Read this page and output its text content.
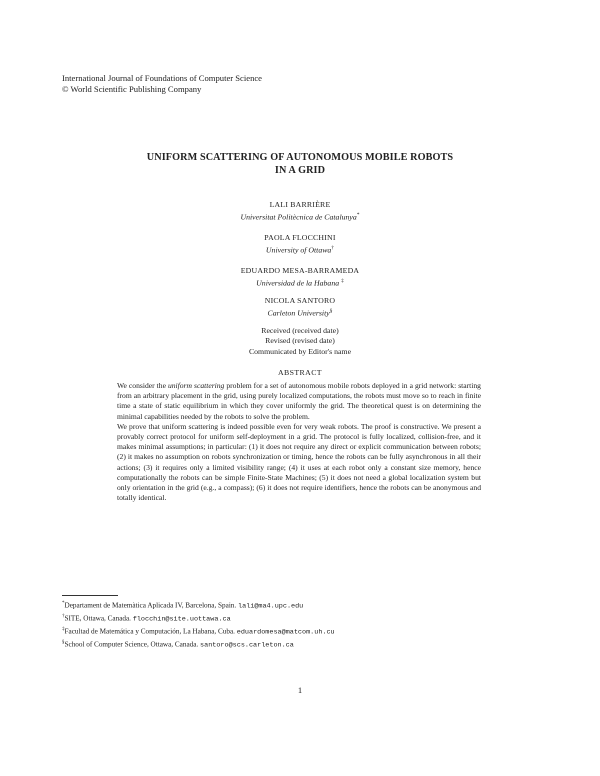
International Journal of Foundations of Computer Science
© World Scientific Publishing Company
UNIFORM SCATTERING OF AUTONOMOUS MOBILE ROBOTS
IN A GRID
LALI BARRIÈRE
Universitat Politècnica de Catalunya*
PAOLA FLOCCHINI
University of Ottawa†
EDUARDO MESA-BARRAMEDA
Universidad de la Habana ‡
NICOLA SANTORO
Carleton University§
Received (received date)
Revised (revised date)
Communicated by Editor's name
ABSTRACT

We consider the uniform scattering problem for a set of autonomous mobile robots deployed in a grid network: starting from an arbitrary placement in the grid, using purely localized computations, the robots must move so to reach in finite time a state of static equilibrium in which they cover uniformly the grid. The theoretical quest is on determining the minimal capabilities needed by the robots to solve the problem.

We prove that uniform scattering is indeed possible even for very weak robots. The proof is constructive. We present a provably correct protocol for uniform self-deployment in a grid. The protocol is fully localized, collision-free, and it makes minimal assumptions; in particular: (1) it does not require any direct or explicit communication between robots; (2) it makes no assumption on robots synchronization or timing, hence the robots can be fully asynchronous in all their actions; (3) it requires only a limited visibility range; (4) it uses at each robot only a constant size memory, hence computationally the robots can be simple Finite-State Machines; (5) it does not need a global localization system but only orientation in the grid (e.g., a compass); (6) it does not require identifiers, hence the robots can be anonymous and totally identical.

*Departament de Matemàtica Aplicada IV, Barcelona, Spain. lali@ma4.upc.edu
†SITE, Ottawa, Canada. flocchin@site.uottawa.ca
‡Facultad de Matemática y Computación, La Habana, Cuba. eduardomesa@matcom.uh.cu
§School of Computer Science, Ottawa, Canada. santoro@scs.carleton.ca
1
